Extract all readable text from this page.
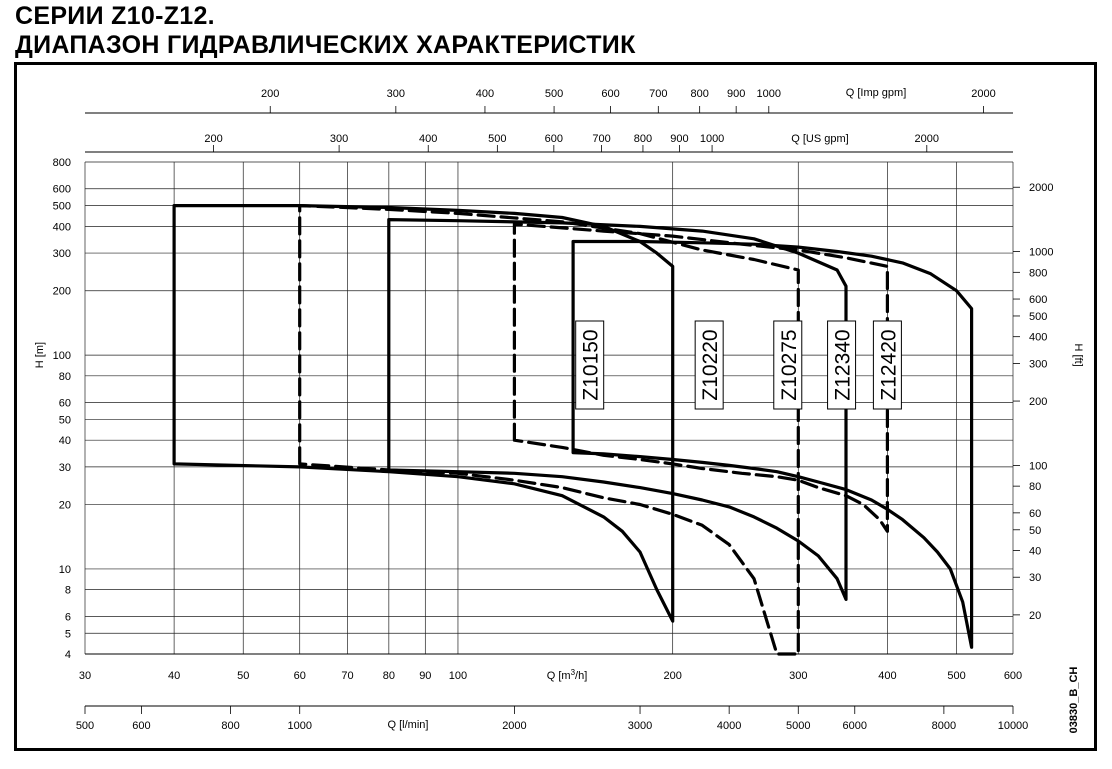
СЕРИИ Z10-Z12.
ДИАПАЗОН ГИДРАВЛИЧЕСКИХ ХАРАКТЕРИСТИК
4
5
6
8
10
20
30
40
50
60
80
100
200
300
400
500
600
800
H [m]
20
30
40
50
60
80
100
200
300
400
500
600
800
1000
2000
H [ft]
30	40	50	60	70	80 90 100	200	300	400	500	600
Q $[m^3/h]$
500	600	800	1000	2000	3000	4000	5000	6000	8000	10000
Q [l/min]
200	300	400	500	600	700 800 900 1000	2000
Q [US gpm]
200	300	400	500	600	700 800 900 1000	2000
Q [Imp gpm]
Z10150	Z10220	Z10275 Z12340 Z12420
03830_B_CH
